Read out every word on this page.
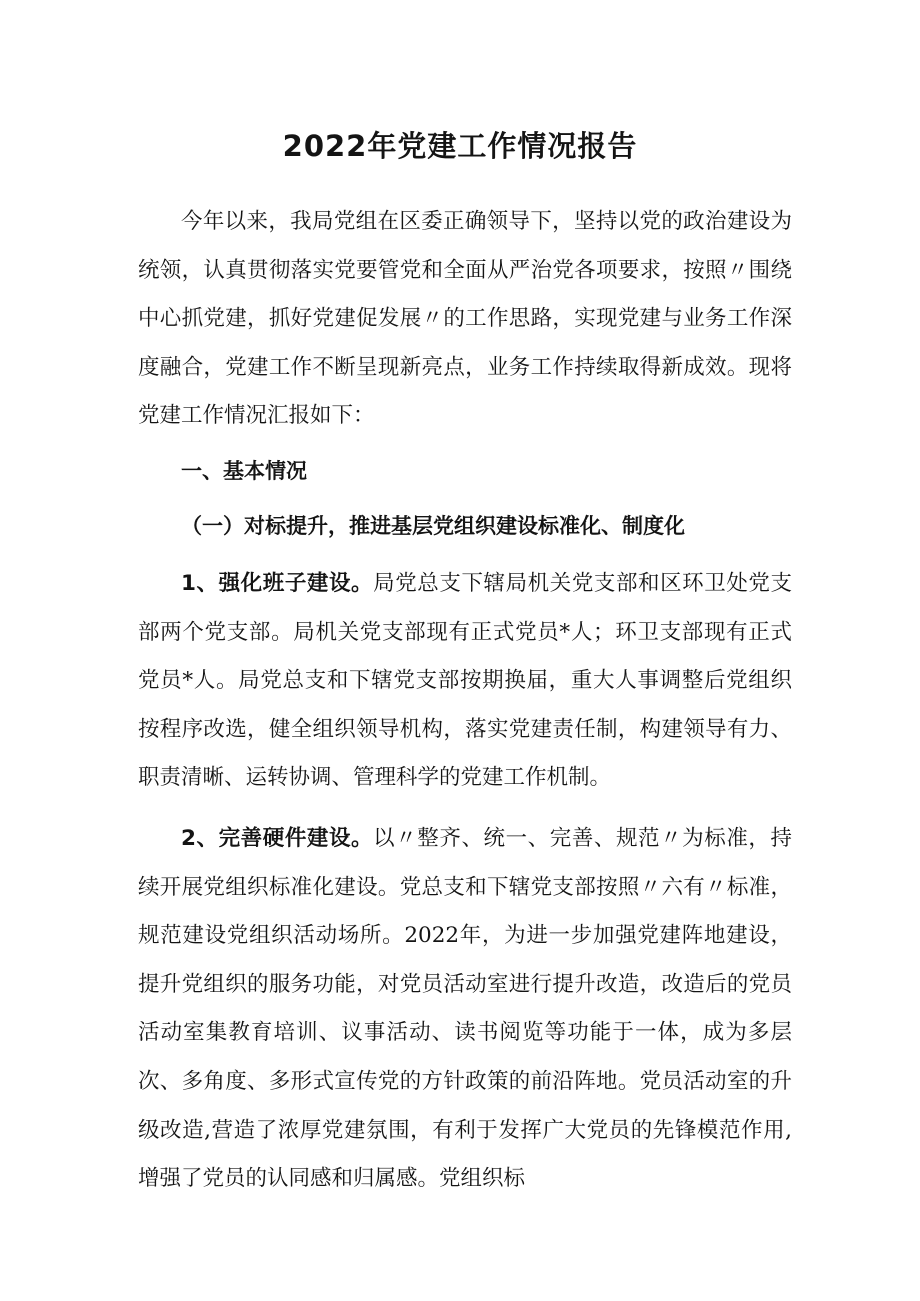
2022年党建工作情况报告
今年以来，我局党组在区委正确领导下，坚持以党的政治建设为统领，认真贯彻落实党要管党和全面从严治党各项要求，按照〃围绕中心抓党建，抓好党建促发展〃的工作思路，实现党建与业务工作深度融合，党建工作不断呈现新亮点，业务工作持续取得新成效。现将党建工作情况汇报如下：
一、基本情况
（一）对标提升，推进基层党组织建设标准化、制度化
1、强化班子建设。局党总支下辖局机关党支部和区环卫处党支部两个党支部。局机关党支部现有正式党员*人；环卫支部现有正式党员*人。局党总支和下辖党支部按期换届，重大人事调整后党组织按程序改选，健全组织领导机构，落实党建责任制，构建领导有力、职责清晰、运转协调、管理科学的党建工作机制。
2、完善硬件建设。以〃整齐、统一、完善、规范〃为标准，持续开展党组织标准化建设。党总支和下辖党支部按照〃六有〃标准，规范建设党组织活动场所。2022年，为进一步加强党建阵地建设，提升党组织的服务功能，对党员活动室进行提升改造，改造后的党员活动室集教育培训、议事活动、读书阅览等功能于一体，成为多层次、多角度、多形式宣传党的方针政策的前沿阵地。党员活动室的升级改造,营造了浓厚党建氛围，有利于发挥广大党员的先锋模范作用,增强了党员的认同感和归属感。党组织标
